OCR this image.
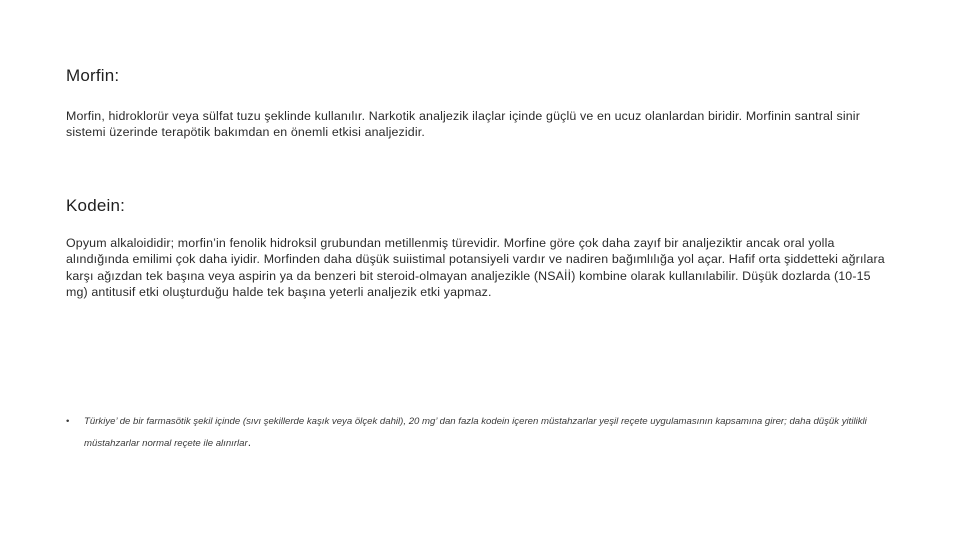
Morfin:
Morfin, hidroklorür veya sülfat tuzu şeklinde kullanılır. Narkotik analjezik ilaçlar içinde güçlü ve en ucuz olanlardan biridir. Morfinin santral sinir sistemi üzerinde terapötik bakımdan en önemli etkisi analjezidir.
Kodein:
Opyum alkaloididir; morfin’in fenolik hidroksil grubundan metillenmiş türevidir. Morfine göre çok daha zayıf bir analjeziktir ancak oral yolla alındığında emilimi çok daha iyidir. Morfinden daha düşük suiistimal potansiyeli vardır ve nadiren bağımlılığa yol açar. Hafif orta şiddetteki ağrılara karşı ağızdan tek başına veya aspirin ya da benzeri bit steroid-olmayan analjezikle (NSAİİ) kombine olarak kullanılabilir. Düşük dozlarda (10-15 mg) antitusif etki oluşturduğu halde tek başına yeterli analjezik etki yapmaz.
• Türkiye’ de bir farmasötik şekil içinde (sıvı şekillerde kaşık veya ölçek dahil), 20 mg’ dan fazla kodein içeren müstahzarlar yeşil reçete uygulamasının kapsamına girer; daha düşük yitilikli müstahzarlar normal reçete ile alınırlar.
